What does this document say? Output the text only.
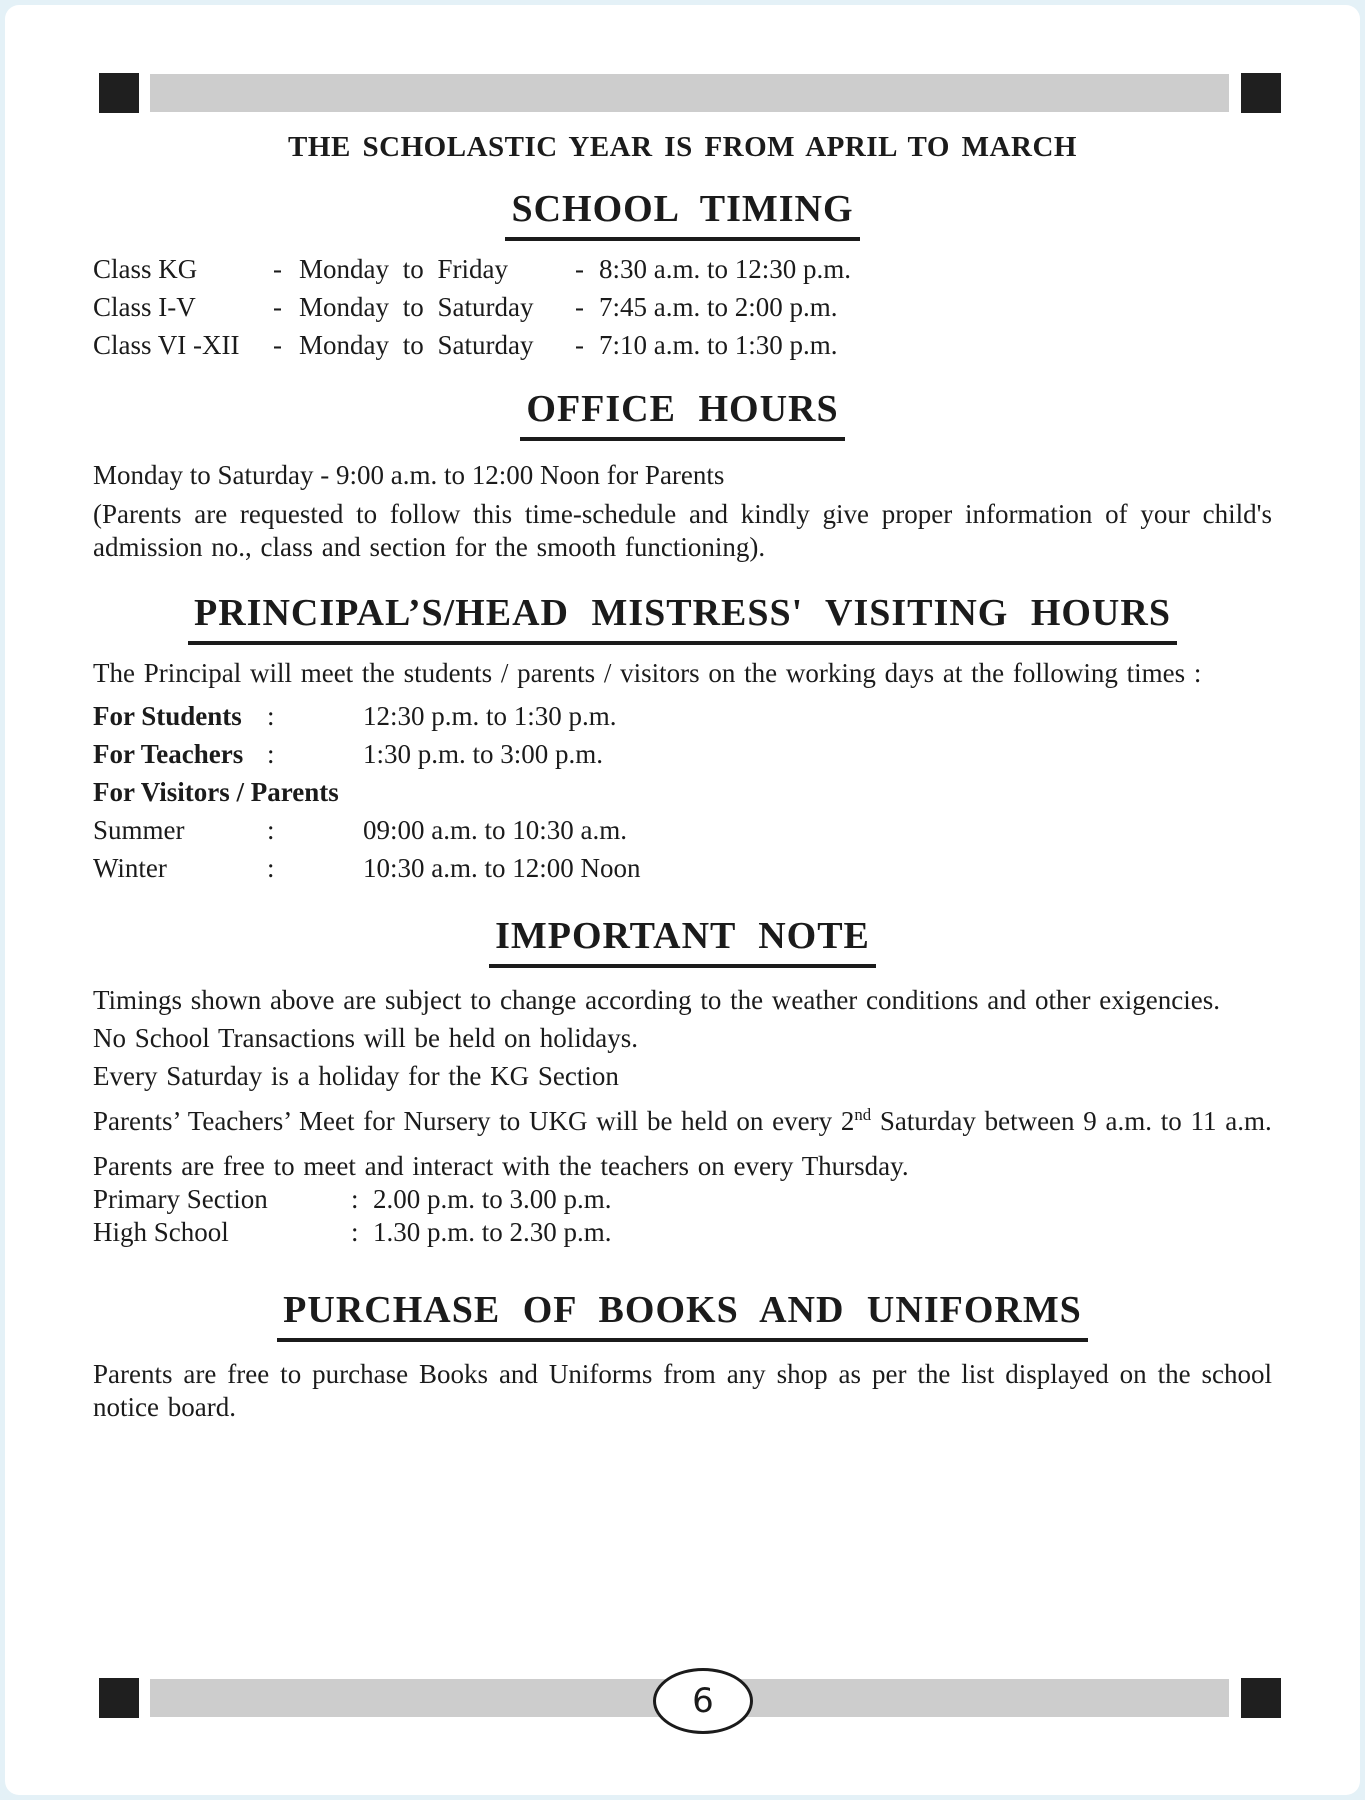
THE SCHOLASTIC YEAR IS FROM APRIL TO MARCH
SCHOOL TIMING
Class KG	- Monday to Friday	- 8:30 a.m. to 12:30 p.m.
Class I-V	- Monday to Saturday	- 7:45 a.m. to 2:00 p.m.
Class VI -XII	- Monday to Saturday	- 7:10 a.m. to 1:30 p.m.
OFFICE HOURS
Monday to Saturday - 9:00 a.m. to 12:00 Noon for Parents
(Parents are requested to follow this time-schedule and kindly give proper information of your child's admission no., class and section for the smooth functioning).
PRINCIPAL’S/HEAD MISTRESS' VISITING HOURS
The Principal will meet the students / parents / visitors on the working days at the following times :
For Students :	12:30 p.m. to 1:30 p.m.
For Teachers :	1:30 p.m. to 3:00 p.m.
For Visitors / Parents
Summer	:	09:00 a.m. to 10:30 a.m.
Winter	:	10:30 a.m. to 12:00 Noon
IMPORTANT NOTE
Timings shown above are subject to change according to the weather conditions and other exigencies.
No School Transactions will be held on holidays.
Every Saturday is a holiday for the KG Section
Parents’ Teachers’ Meet for Nursery to UKG will be held on every 2nd Saturday between 9 a.m. to 11 a.m.
Parents are free to meet and interact with the teachers on every Thursday.
Primary Section	: 2.00 p.m. to 3.00 p.m.
High School	: 1.30 p.m. to 2.30 p.m.
PURCHASE OF BOOKS AND UNIFORMS
Parents are free to purchase Books and Uniforms from any shop as per the list displayed on the school notice board.
6
